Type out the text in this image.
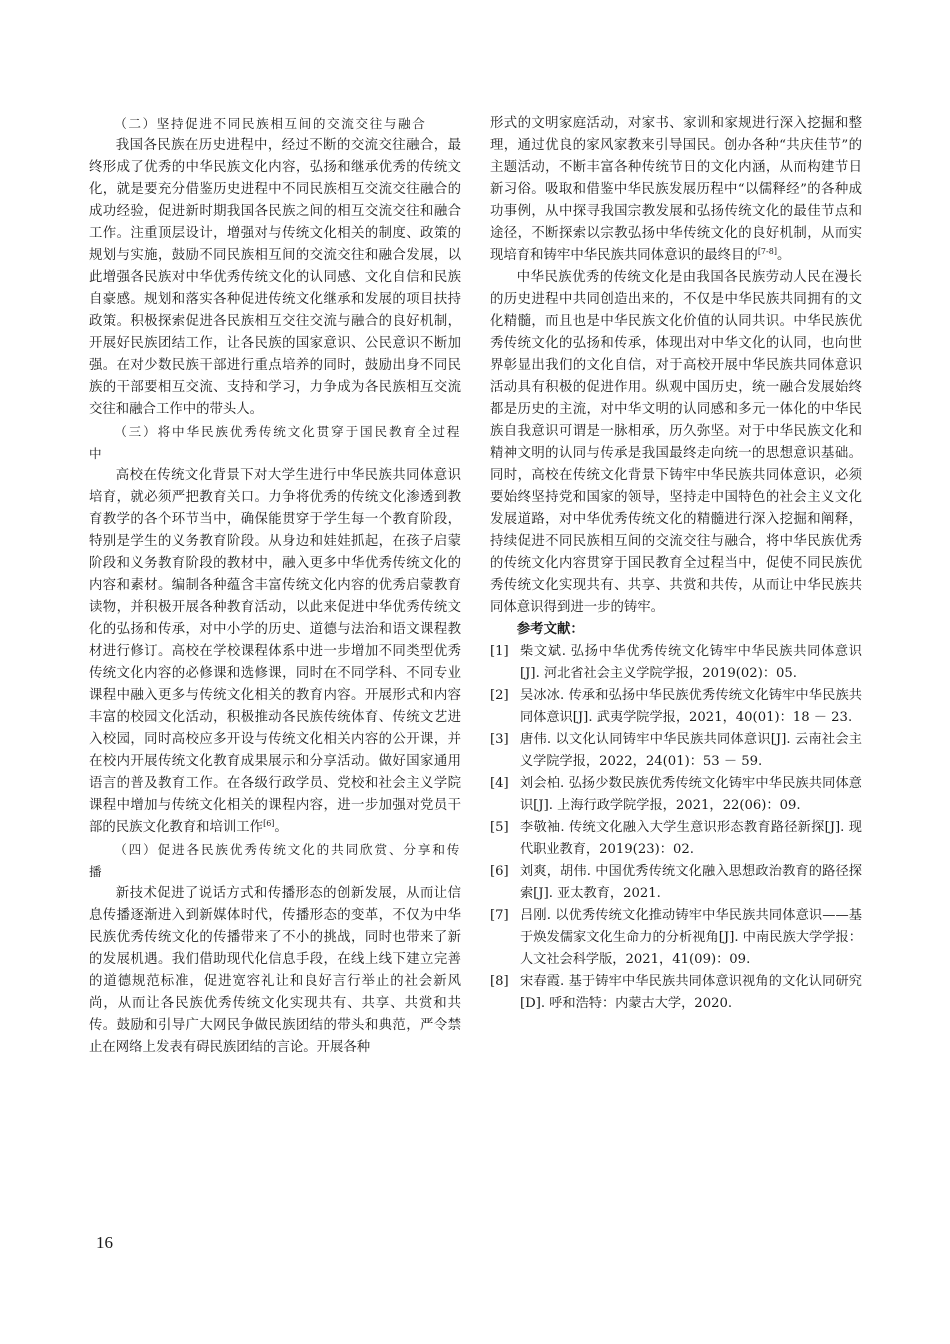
（二）坚持促进不同民族相互间的交流交往与融合

我国各民族在历史进程中，经过不断的交流交往融合，最终形成了优秀的中华民族文化内容，弘扬和继承优秀的传统文化，就是要充分借鉴历史进程中不同民族相互交流交往融合的成功经验，促进新时期我国各民族之间的相互交流交往和融合工作。注重顶层设计，增强对与传统文化相关的制度、政策的规划与实施，鼓励不同民族相互间的交流交往和融合发展，以此增强各民族对中华优秀传统文化的认同感、文化自信和民族自豪感。规划和落实各种促进传统文化继承和发展的项目扶持政策。积极探索促进各民族相互交往交流与融合的良好机制，开展好民族团结工作，让各民族的国家意识、公民意识不断加强。在对少数民族干部进行重点培养的同时，鼓励出身不同民族的干部要相互交流、支持和学习，力争成为各民族相互交流交往和融合工作中的带头人。

（三）将中华民族优秀传统文化贯穿于国民教育全过程中

高校在传统文化背景下对大学生进行中华民族共同体意识培育，就必须严把教育关口。力争将优秀的传统文化渗透到教育教学的各个环节当中，确保能贯穿于学生每一个教育阶段，特别是学生的义务教育阶段。从身边和娃娃抓起，在孩子启蒙阶段和义务教育阶段的教材中，融入更多中华优秀传统文化的内容和素材。编制各种蕴含丰富传统文化内容的优秀启蒙教育读物，并积极开展各种教育活动，以此来促进中华优秀传统文化的弘扬和传承，对中小学的历史、道德与法治和语文课程教材进行修订。高校在学校课程体系中进一步增加不同类型优秀传统文化内容的必修课和选修课，同时在不同学科、不同专业课程中融入更多与传统文化相关的教育内容。开展形式和内容丰富的校园文化活动，积极推动各民族传统体育、传统文艺进入校园，同时高校应多开设与传统文化相关内容的公开课，并在校内开展传统文化教育成果展示和分享活动。做好国家通用语言的普及教育工作。在各级行政学员、党校和社会主义学院课程中增加与传统文化相关的课程内容，进一步加强对党员干部的民族文化教育和培训工作[6]。

（四）促进各民族优秀传统文化的共同欣赏、分享和传播

新技术促进了说话方式和传播形态的创新发展，从而让信息传播逐渐进入到新媒体时代，传播形态的变革，不仅为中华民族优秀传统文化的传播带来了不小的挑战，同时也带来了新的发展机遇。我们借助现代化信息手段，在线上线下建立完善的道德规范标准，促进宽容礼让和良好言行举止的社会新风尚，从而让各民族优秀传统文化实现共有、共享、共赏和共传。鼓励和引导广大网民争做民族团结的带头和典范，严令禁止在网络上发表有碍民族团结的言论。开展各种

形式的文明家庭活动，对家书、家训和家规进行深入挖掘和整理，通过优良的家风家教来引导国民。创办各种“共庆佳节”的主题活动，不断丰富各种传统节日的文化内涵，从而构建节日新习俗。吸取和借鉴中华民族发展历程中“以儒释经”的各种成功事例，从中探寻我国宗教发展和弘扬传统文化的最佳节点和途径，不断探索以宗教弘扬中华传统文化的良好机制，从而实现培育和铸牢中华民族共同体意识的最终目的[7-8]。

中华民族优秀的传统文化是由我国各民族劳动人民在漫长的历史进程中共同创造出来的，不仅是中华民族共同拥有的文化精髓，而且也是中华民族文化价值的认同共识。中华民族优秀传统文化的弘扬和传承，体现出对中华文化的认同，也向世界彰显出我们的文化自信，对于高校开展中华民族共同体意识活动具有积极的促进作用。纵观中国历史，统一融合发展始终都是历史的主流，对中华文明的认同感和多元一体化的中华民族自我意识可谓是一脉相承，历久弥坚。对于中华民族文化和精神文明的认同与传承是我国最终走向统一的思想意识基础。同时，高校在传统文化背景下铸牢中华民族共同体意识，必须要始终坚持党和国家的领导，坚持走中国特色的社会主义文化发展道路，对中华优秀传统文化的精髓进行深入挖掘和阐释，持续促进不同民族相互间的交流交往与融合，将中华民族优秀的传统文化内容贯穿于国民教育全过程当中，促使不同民族优秀传统文化实现共有、共享、共赏和共传，从而让中华民族共同体意识得到进一步的铸牢。

参考文献：

[1] 柴文斌. 弘扬中华优秀传统文化铸牢中华民族共同体意识[J]. 河北省社会主义学院学报，2019(02)：05.
[2] 吴冰冰. 传承和弘扬中华民族优秀传统文化铸牢中华民族共同体意识[J]. 武夷学院学报，2021，40(01)：18 － 23.
[3] 唐伟. 以文化认同铸牢中华民族共同体意识[J]. 云南社会主义学院学报，2022，24(01)：53 － 59.
[4] 刘会柏. 弘扬少数民族优秀传统文化铸牢中华民族共同体意识[J]. 上海行政学院学报，2021，22(06)：09.
[5] 李敬袖. 传统文化融入大学生意识形态教育路径新探[J]. 现代职业教育，2019(23)：02.
[6] 刘爽，胡伟. 中国优秀传统文化融入思想政治教育的路径探索[J]. 亚太教育，2021.
[7] 吕刚. 以优秀传统文化推动铸牢中华民族共同体意识——基于焕发儒家文化生命力的分析视角[J]. 中南民族大学学报：人文社会科学版，2021，41(09)：09.
[8] 宋春霞. 基于铸牢中华民族共同体意识视角的文化认同研究[D]. 呼和浩特：内蒙古大学，2020.
16
